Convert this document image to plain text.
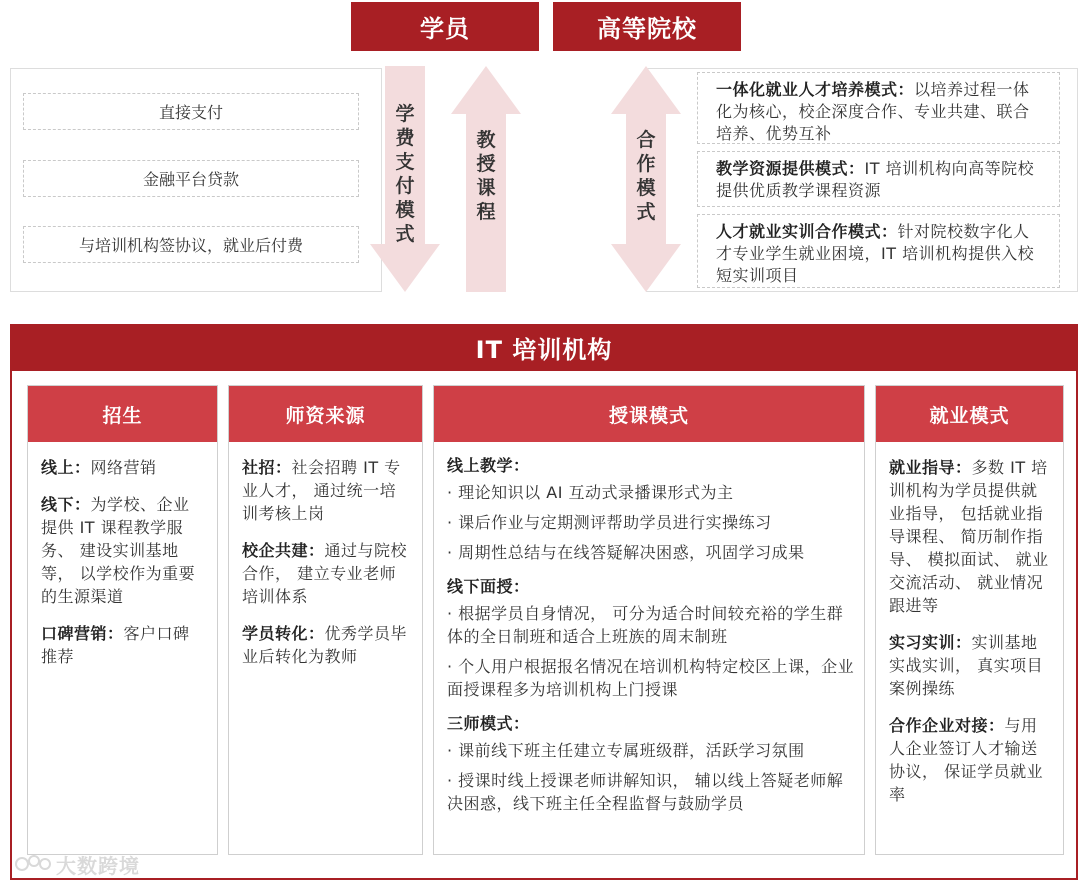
学员	高等院校
直接支付
金融平台贷款
与培训机构签协议，就业后付费
一体化就业人才培养模式：以培养过程一体化为核心，校企深度合作、专业共建、联合培养、优势互补
教学资源提供模式：IT 培训机构向高等院校提供优质教学课程资源
人才就业实训合作模式：针对院校数字化人才专业学生就业困境，IT 培训机构提供入校短实训项目
学
费
支
付
模
式
教
授
课
程
合
作
模
式
IT 培训机构
招生

线上：网络营销

线下：为学校、企业提供 IT 课程教学服务、 建设实训基地等， 以学校作为重要的生源渠道

口碑营销：客户口碑推荐

师资来源

社招：社会招聘 IT 专业人才， 通过统一培训考核上岗

校企共建：通过与院校合作， 建立专业老师培训体系

学员转化：优秀学员毕业后转化为教师

授课模式
线上教学：
· 理论知识以 AI 互动式录播课形式为主
· 课后作业与定期测评帮助学员进行实操练习
· 周期性总结与在线答疑解决困惑，巩固学习成果
线下面授：
· 根据学员自身情况， 可分为适合时间较充裕的学生群体的全日制班和适合上班族的周末制班
· 个人用户根据报名情况在培训机构特定校区上课，企业面授课程多为培训机构上门授课
三师模式：
· 课前线下班主任建立专属班级群，活跃学习氛围
· 授课时线上授课老师讲解知识， 辅以线上答疑老师解决困惑，线下班主任全程监督与鼓励学员
就业模式

就业指导：多数 IT 培训机构为学员提供就业指导， 包括就业指导课程、 简历制作指导、 模拟面试、 就业交流活动、 就业情况跟进等

实习实训：实训基地实战实训， 真实项目案例操练

合作企业对接：与用人企业签订人才输送协议， 保证学员就业率

大数跨境
